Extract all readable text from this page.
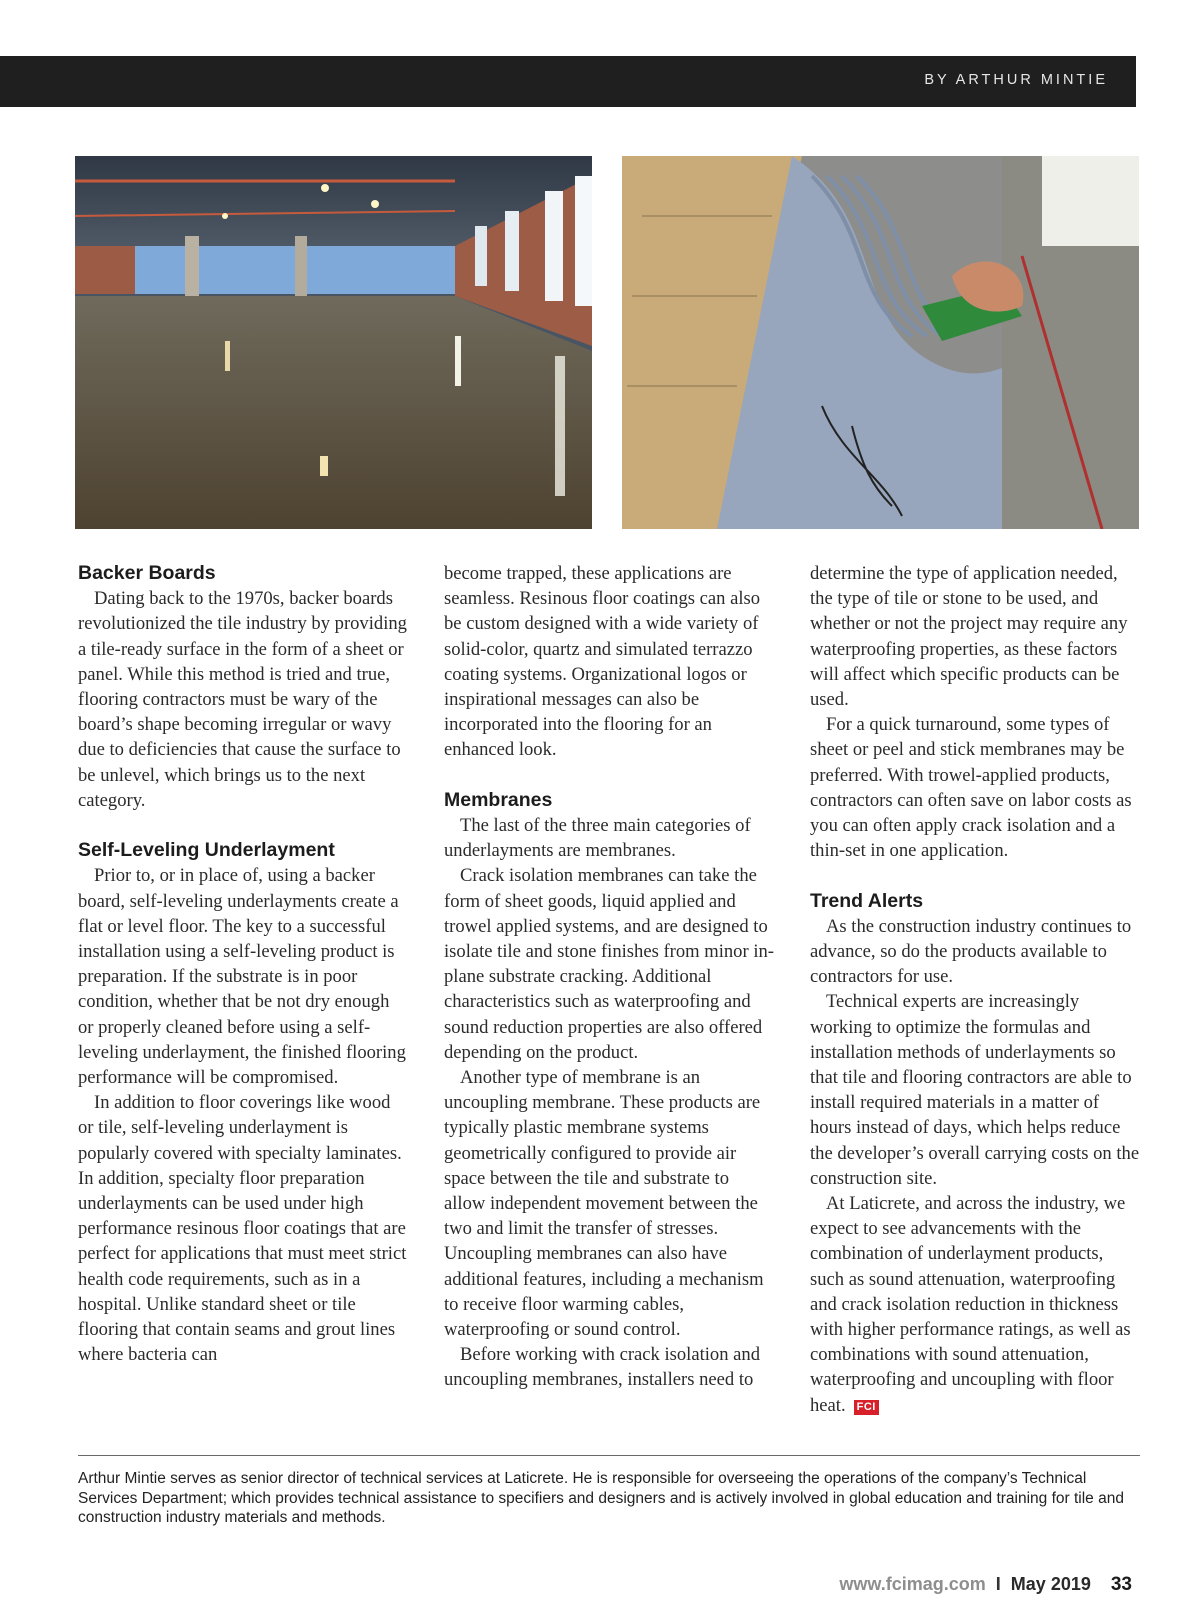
BY ARTHUR MINTIE
Backer Boards

Dating back to the 1970s, backer boards revolutionized the tile industry by providing a tile-ready surface in the form of a sheet or panel. While this method is tried and true, flooring contractors must be wary of the board’s shape becoming irregular or wavy due to deficiencies that cause the surface to be unlevel, which brings us to the next category.

Self-Leveling Underlayment

Prior to, or in place of, using a backer board, self-leveling underlayments create a flat or level floor. The key to a successful installation using a self-leveling product is preparation. If the substrate is in poor condition, whether that be not dry enough or properly cleaned before using a self-leveling underlayment, the finished flooring performance will be compromised.

In addition to floor coverings like wood or tile, self-leveling underlayment is popularly covered with specialty laminates. In addition, specialty floor preparation underlayments can be used under high performance resinous floor coatings that are perfect for applications that must meet strict health code requirements, such as in a hospital. Unlike standard sheet or tile flooring that contain seams and grout lines where bacteria can

become trapped, these applications are seamless. Resinous floor coatings can also be custom designed with a wide variety of solid-color, quartz and simulated terrazzo coating systems. Organizational logos or inspirational messages can also be incorporated into the flooring for an enhanced look.

Membranes

The last of the three main categories of underlayments are membranes.

Crack isolation membranes can take the form of sheet goods, liquid applied and trowel applied systems, and are designed to isolate tile and stone finishes from minor in-plane substrate cracking. Additional characteristics such as waterproofing and sound reduction properties are also offered depending on the product.

Another type of membrane is an uncoupling membrane. These products are typically plastic membrane systems geometrically configured to provide air space between the tile and substrate to allow independent movement between the two and limit the transfer of stresses. Uncoupling membranes can also have additional features, including a mechanism to receive floor warming cables, waterproofing or sound control.

Before working with crack isolation and uncoupling membranes, installers need to

determine the type of application needed, the type of tile or stone to be used, and whether or not the project may require any waterproofing properties, as these factors will affect which specific products can be used.

For a quick turnaround, some types of sheet or peel and stick membranes may be preferred. With trowel-applied products, contractors can often save on labor costs as you can often apply crack isolation and a thin-set in one application.

Trend Alerts

As the construction industry continues to advance, so do the products available to contractors for use.

Technical experts are increasingly working to optimize the formulas and installation methods of underlayments so that tile and flooring contractors are able to install required materials in a matter of hours instead of days, which helps reduce the developer’s overall carrying costs on the construction site.

At Laticrete, and across the industry, we expect to see advancements with the combination of underlayment products, such as sound attenuation, waterproofing and crack isolation reduction in thickness with higher performance ratings, as well as combinations with sound attenuation, waterproofing and uncoupling with floor heat. FCI

Arthur Mintie serves as senior director of technical services at Laticrete. He is responsible for overseeing the operations of the company’s Technical Services Department; which provides technical assistance to specifiers and designers and is actively involved in global education and training for tile and construction industry materials and methods.
www.fcimag.com I May 2019 33
